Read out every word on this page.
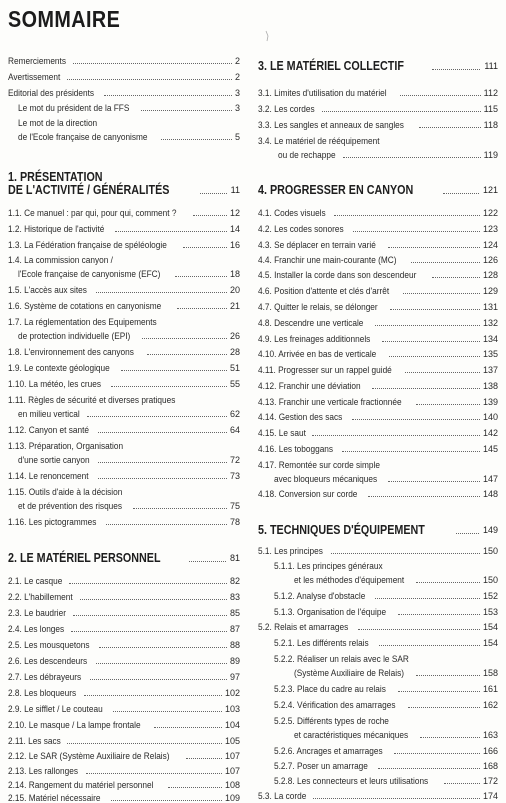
SOMMAIRE
Remerciements	2
Avertissement	2
Editorial des présidents	3
Le mot du président de la FFS	3
Le mot de la direction
de l'Ecole française de canyonisme	5
1. PRÉSENTATION
DE L'ACTIVITÉ / GÉNÉRALITÉS	11
1.1. Ce manuel : par qui, pour qui, comment ?	12
1.2. Historique de l'activité	14
1.3. La Fédération française de spéléologie	16
1.4. La commission canyon /
l'Ecole française de canyonisme (EFC)	18
1.5. L'accès aux sites	20
1.6. Système de cotations en canyonisme	21
1.7. La réglementation des Equipements
de protection individuelle (EPI)	26
1.8. L'environnement des canyons	28
1.9. Le contexte géologique	51
1.10. La météo, les crues	55
1.11. Règles de sécurité et diverses pratiques
en milieu vertical	62
1.12. Canyon et santé	64
1.13. Préparation, Organisation
d'une sortie canyon	72
1.14. Le renoncement	73
1.15. Outils d'aide à la décision
et de prévention des risques	75
1.16. Les pictogrammes	78
2. LE MATÉRIEL PERSONNEL	81
2.1. Le casque	82
2.2. L'habillement	83
2.3. Le baudrier	85
2.4. Les longes	87
2.5. Les mousquetons	88
2.6. Les descendeurs	89
2.7. Les débrayeurs	97
2.8. Les bloqueurs	102
2.9. Le sifflet / Le couteau	103
2.10. Le masque / La lampe frontale	104
2.11. Les sacs	105
2.12. Le SAR (Système Auxiliaire de Relais)	107
2.13. Les rallonges	107
2.14. Rangement du matériel personnel	108
2.15. Matériel nécessaire	109
3. LE MATÉRIEL COLLECTIF	111
3.1. Limites d'utilisation du matériel	112
3.2. Les cordes	115
3.3. Les sangles et anneaux de sangles	118
3.4. Le matériel de rééquipement
ou de rechappe	119
4. PROGRESSER EN CANYON	121
4.1. Codes visuels	122
4.2. Les codes sonores	123
4.3. Se déplacer en terrain varié	124
4.4. Franchir une main-courante (MC)	126
4.5. Installer la corde dans son descendeur	128
4.6. Position d'attente et clés d'arrêt	129
4.7. Quitter le relais, se délonger	131
4.8. Descendre une verticale	132
4.9. Les freinages additionnels	134
4.10. Arrivée en bas de verticale	135
4.11. Progresser sur un rappel guidé	137
4.12. Franchir une déviation	138
4.13. Franchir une verticale fractionnée	139
4.14. Gestion des sacs	140
4.15. Le saut	142
4.16. Les toboggans	145
4.17. Remontée sur corde simple
avec bloqueurs mécaniques	147
4.18. Conversion sur corde	148
5. TECHNIQUES D'ÉQUIPEMENT	149
5.1. Les principes	150
5.1.1. Les principes généraux
et les méthodes d'équipement	150
5.1.2. Analyse d'obstacle	152
5.1.3. Organisation de l'équipe	153
5.2. Relais et amarrages	154
5.2.1. Les différents relais	154
5.2.2. Réaliser un relais avec le SAR
(Système Auxiliaire de Relais)	158
5.2.3. Place du cadre au relais	161
5.2.4. Vérification des amarrages	162
5.2.5. Différents types de roche
et caractéristiques mécaniques	163
5.2.6. Ancrages et amarrages	166
5.2.7. Poser un amarrage	168
5.2.8. Les connecteurs et leurs utilisations	172
5.3. La corde	174
